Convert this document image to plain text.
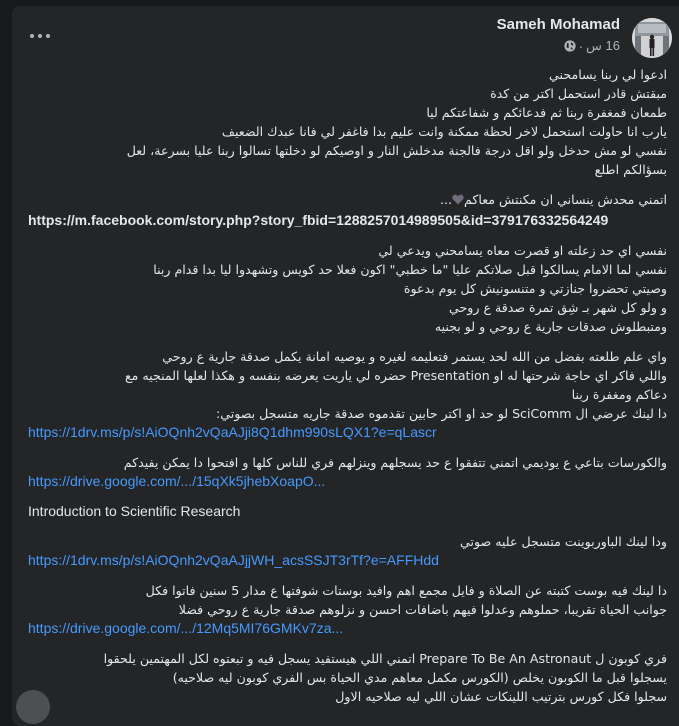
Sameh Mohamad
· 16 س
ادعوا لي ربنا يسامحني
مبقتش قادر استحمل اكتر من كدة
طمعان فمغفرة ربنا ثم فدعائكم و شفاعتكم ليا
يارب انا حاولت استحمل لاخر لحظة ممكنة وانت عليم بدا فاغفر لي فانا عبدك الضعيف
نفسي لو مش حدخل ولو اقل درجة فالجنة مدخلش النار و اوصيكم لو دخلتها تسالوا ربنا عليا بسرعة، لعل
بسؤالكم اطلع
اتمني محدش ينساني ان مكنتش معاكم...
https://m.facebook.com/story.php?story_fbid=1288257014989505&id=379176332564249
نفسي اي حد زعلته او قصرت معاه يسامحني ويدعي لي
نفسي لما الامام يسالكوا قبل صلاتكم عليا "ما خطبي" اكون فعلا حد كويس وتشهدوا ليا بدا قدام ربنا
وصيتي تحضروا جنازتي و متنسونيش كل يوم بدعوة
و ولو كل شهر بـ شِق تمرة صدقة ع روحي
ومتبطلوش صدقات جارية ع روحي و لو بجنيه
واي علم طلعته بفضل من الله لحد يستمر فتعليمه لغيره و يوصيه امانة يكمل صدقة جارية ع روحي
واللي فاكر اي حاجة شرحتها له او Presentation حضره لي ياريت يعرضه بنفسه و هكذا لعلها المنجيه مع
دعاكم ومغفرة ربنا
دا لينك عرضي ال SciComm لو حد او اكتر حابين تقدموه صدقة جاريه متسجل بصوتي:
https://1drv.ms/p/s!AiOQnh2vQaAJji8Q1dhm990sLQX1?e=qLascr
والكورسات بتاعي ع يوديمي اتمني تتفقوا ع حد يسجلهم وينزلهم فري للناس كلها و افتحوا دا يمكن يفيدكم
https://drive.google.com/.../15qXk5jhebXoapO...
Introduction to Scientific Research
ودا لينك الباوربوينت متسجل عليه صوتي
https://1drv.ms/p/s!AiOQnh2vQaAJjjWH_acsSSJT3rTf?e=AFFHdd
دا لينك فيه بوست كتبته عن الصلاة و فايل مجمع اهم وافيد بوستات شوفتها ع مدار 5 سنين فاتوا فكل
جوانب الحياة تقريبا، حملوهم وعدلوا فيهم باضافات احسن و نزلوهم صدقة جارية ع روحي فضلا
https://drive.google.com/.../12Mq5MI76GMKv7za...
فري كوبون ل Prepare To Be An Astronaut اتمني اللي هيستفيد يسجل فيه و تبعتوه لكل المهتمين يلحقوا
يسجلوا قبل ما الكوبون يخلص (الكورس مكمل معاهم مدي الحياة بس الفري كوبون ليه صلاحيه)
سجلوا فكل كورس بترتيب اللينكات عشان اللي ليه صلاحيه الاول
